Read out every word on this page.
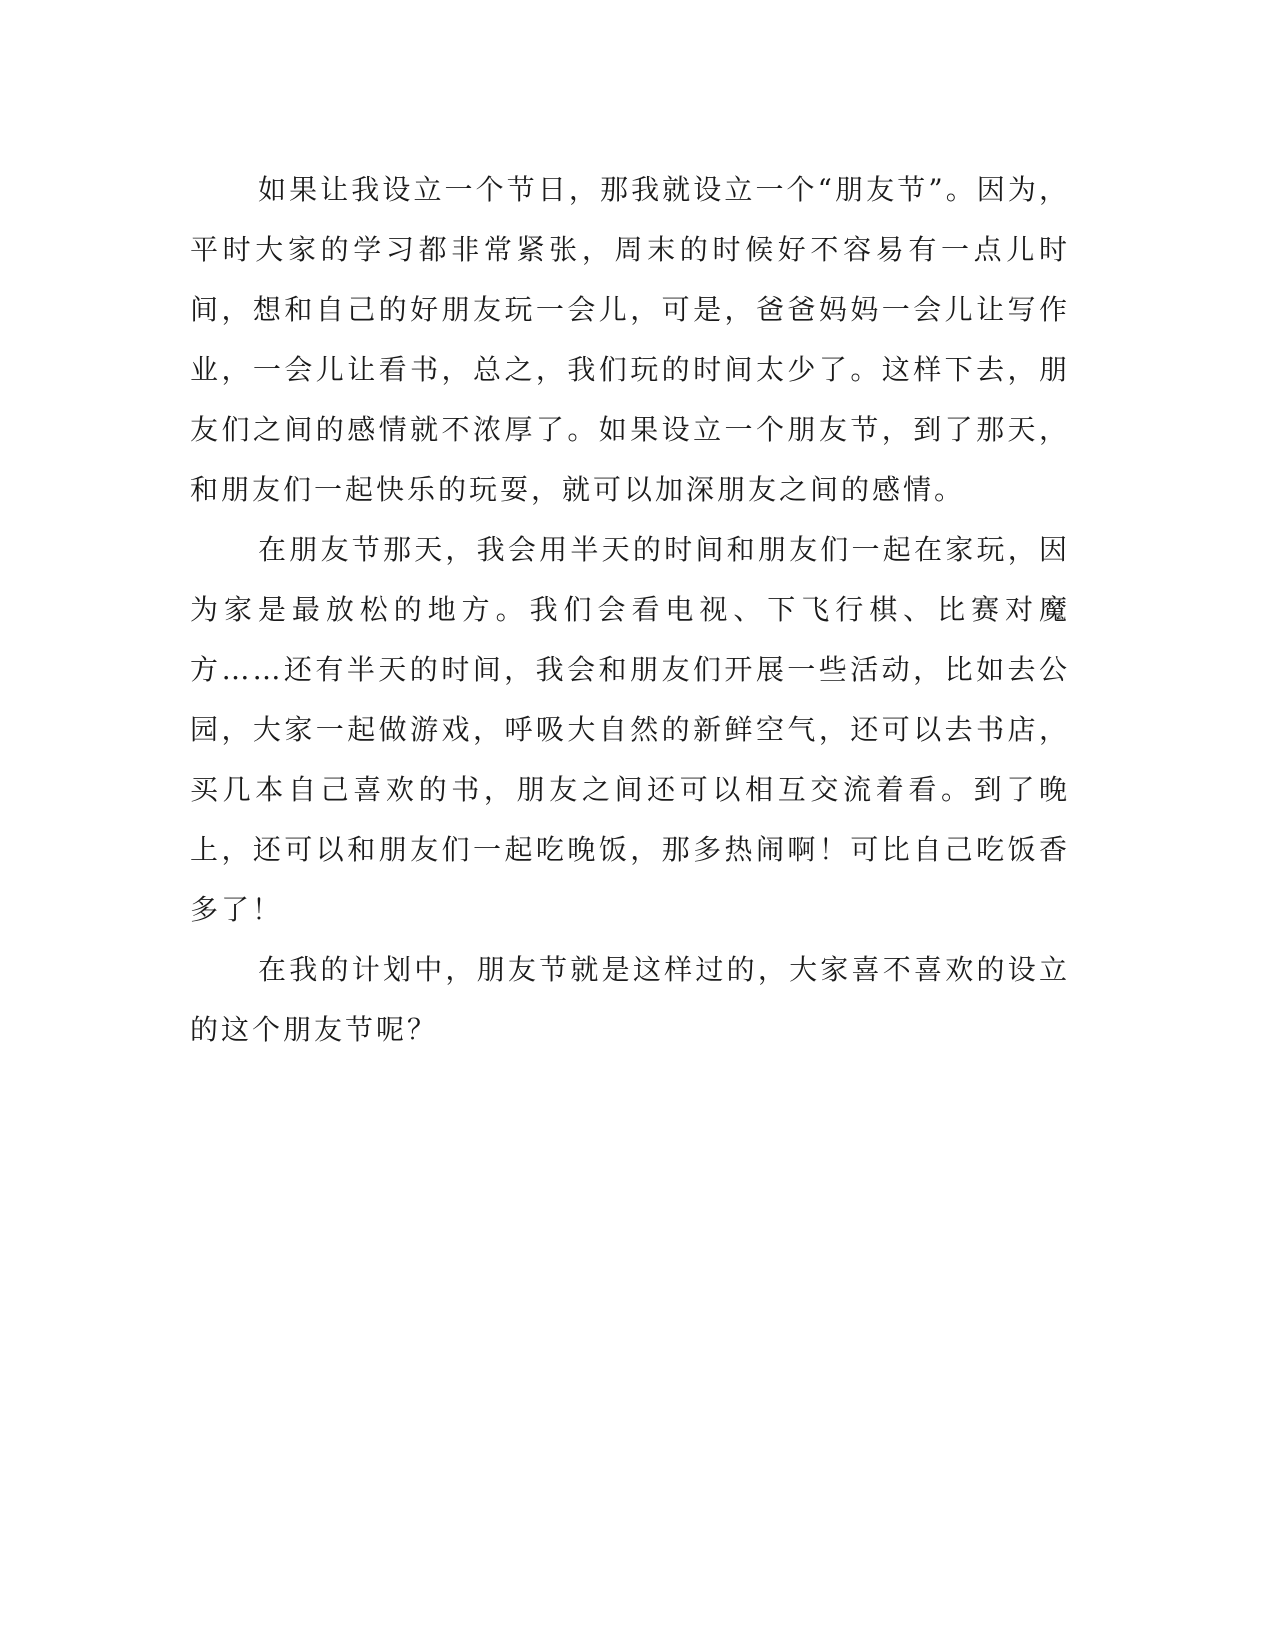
如果让我设立一个节日，那我就设立一个“朋友节”。因为，平时大家的学习都非常紧张，周末的时候好不容易有一点儿时间，想和自己的好朋友玩一会儿，可是，爸爸妈妈一会儿让写作业，一会儿让看书，总之，我们玩的时间太少了。这样下去，朋友们之间的感情就不浓厚了。如果设立一个朋友节，到了那天，和朋友们一起快乐的玩耍，就可以加深朋友之间的感情。

在朋友节那天，我会用半天的时间和朋友们一起在家玩，因为家是最放松的地方。我们会看电视、下飞行棋、比赛对魔方……还有半天的时间，我会和朋友们开展一些活动，比如去公园，大家一起做游戏，呼吸大自然的新鲜空气，还可以去书店，买几本自己喜欢的书，朋友之间还可以相互交流着看。到了晚上，还可以和朋友们一起吃晚饭，那多热闹啊！可比自己吃饭香多了！

在我的计划中，朋友节就是这样过的，大家喜不喜欢的设立的这个朋友节呢？
